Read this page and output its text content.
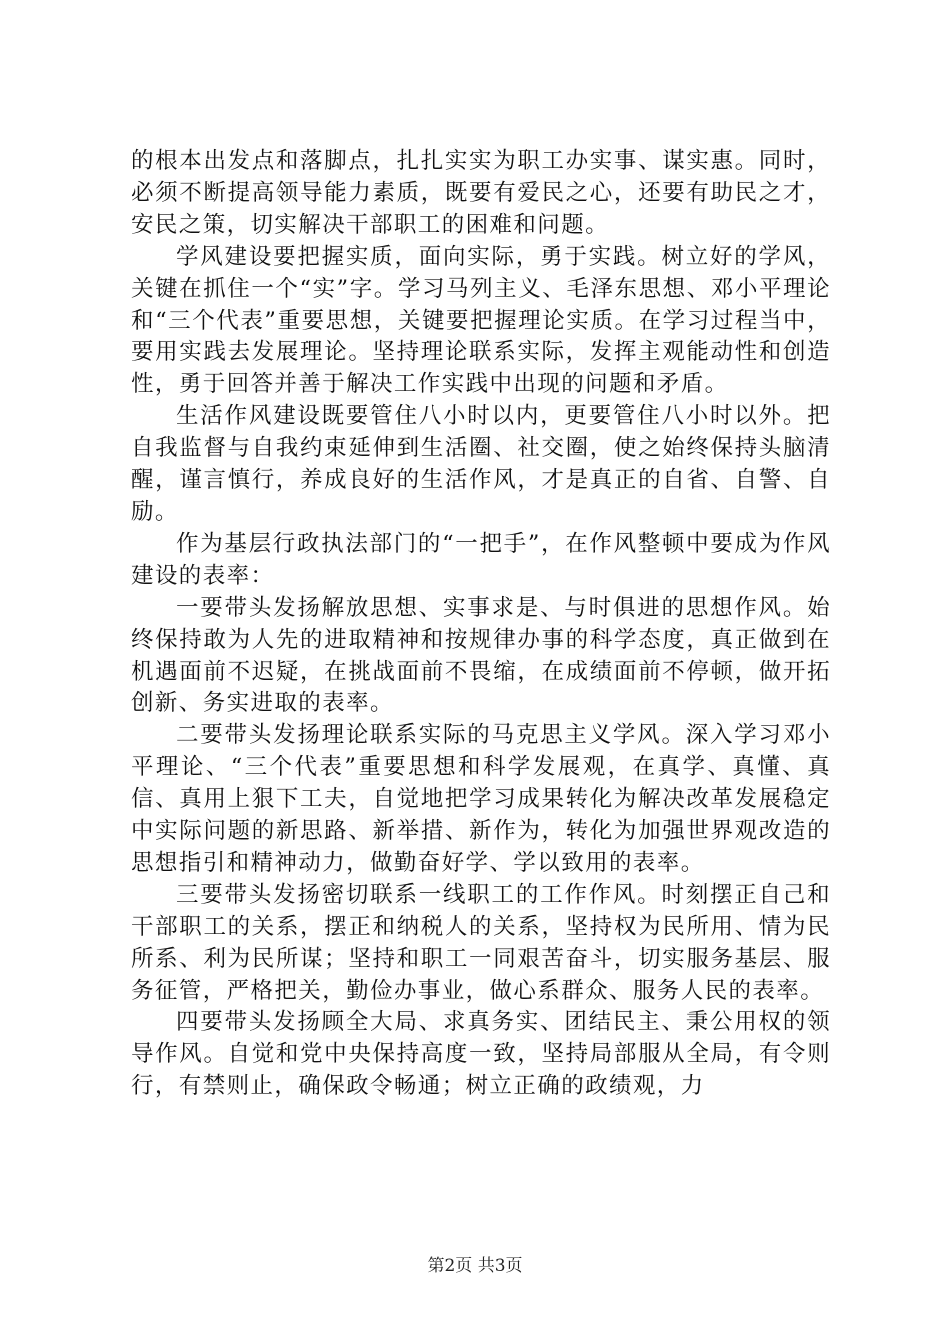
的根本出发点和落脚点，扎扎实实为职工办实事、谋实惠。同时，必须不断提高领导能力素质，既要有爱民之心，还要有助民之才，安民之策，切实解决干部职工的困难和问题。

学风建设要把握实质，面向实际，勇于实践。树立好的学风，关键在抓住一个“实”字。学习马列主义、毛泽东思想、邓小平理论和“三个代表”重要思想，关键要把握理论实质。在学习过程当中，要用实践去发展理论。坚持理论联系实际，发挥主观能动性和创造性，勇于回答并善于解决工作实践中出现的问题和矛盾。

生活作风建设既要管住八小时以内，更要管住八小时以外。把自我监督与自我约束延伸到生活圈、社交圈，使之始终保持头脑清醒，谨言慎行，养成良好的生活作风，才是真正的自省、自警、自励。

作为基层行政执法部门的“一把手”，在作风整顿中要成为作风建设的表率：

一要带头发扬解放思想、实事求是、与时俱进的思想作风。始终保持敢为人先的进取精神和按规律办事的科学态度，真正做到在机遇面前不迟疑，在挑战面前不畏缩，在成绩面前不停顿，做开拓创新、务实进取的表率。

二要带头发扬理论联系实际的马克思主义学风。深入学习邓小平理论、“三个代表”重要思想和科学发展观，在真学、真懂、真信、真用上狠下工夫，自觉地把学习成果转化为解决改革发展稳定中实际问题的新思路、新举措、新作为，转化为加强世界观改造的思想指引和精神动力，做勤奋好学、学以致用的表率。

三要带头发扬密切联系一线职工的工作作风。时刻摆正自己和干部职工的关系，摆正和纳税人的关系，坚持权为民所用、情为民所系、利为民所谋；坚持和职工一同艰苦奋斗，切实服务基层、服务征管，严格把关，勤俭办事业，做心系群众、服务人民的表率。

四要带头发扬顾全大局、求真务实、团结民主、秉公用权的领导作风。自觉和党中央保持高度一致，坚持局部服从全局，有令则行，有禁则止，确保政令畅通；树立正确的政绩观，力

第2页 共3页
